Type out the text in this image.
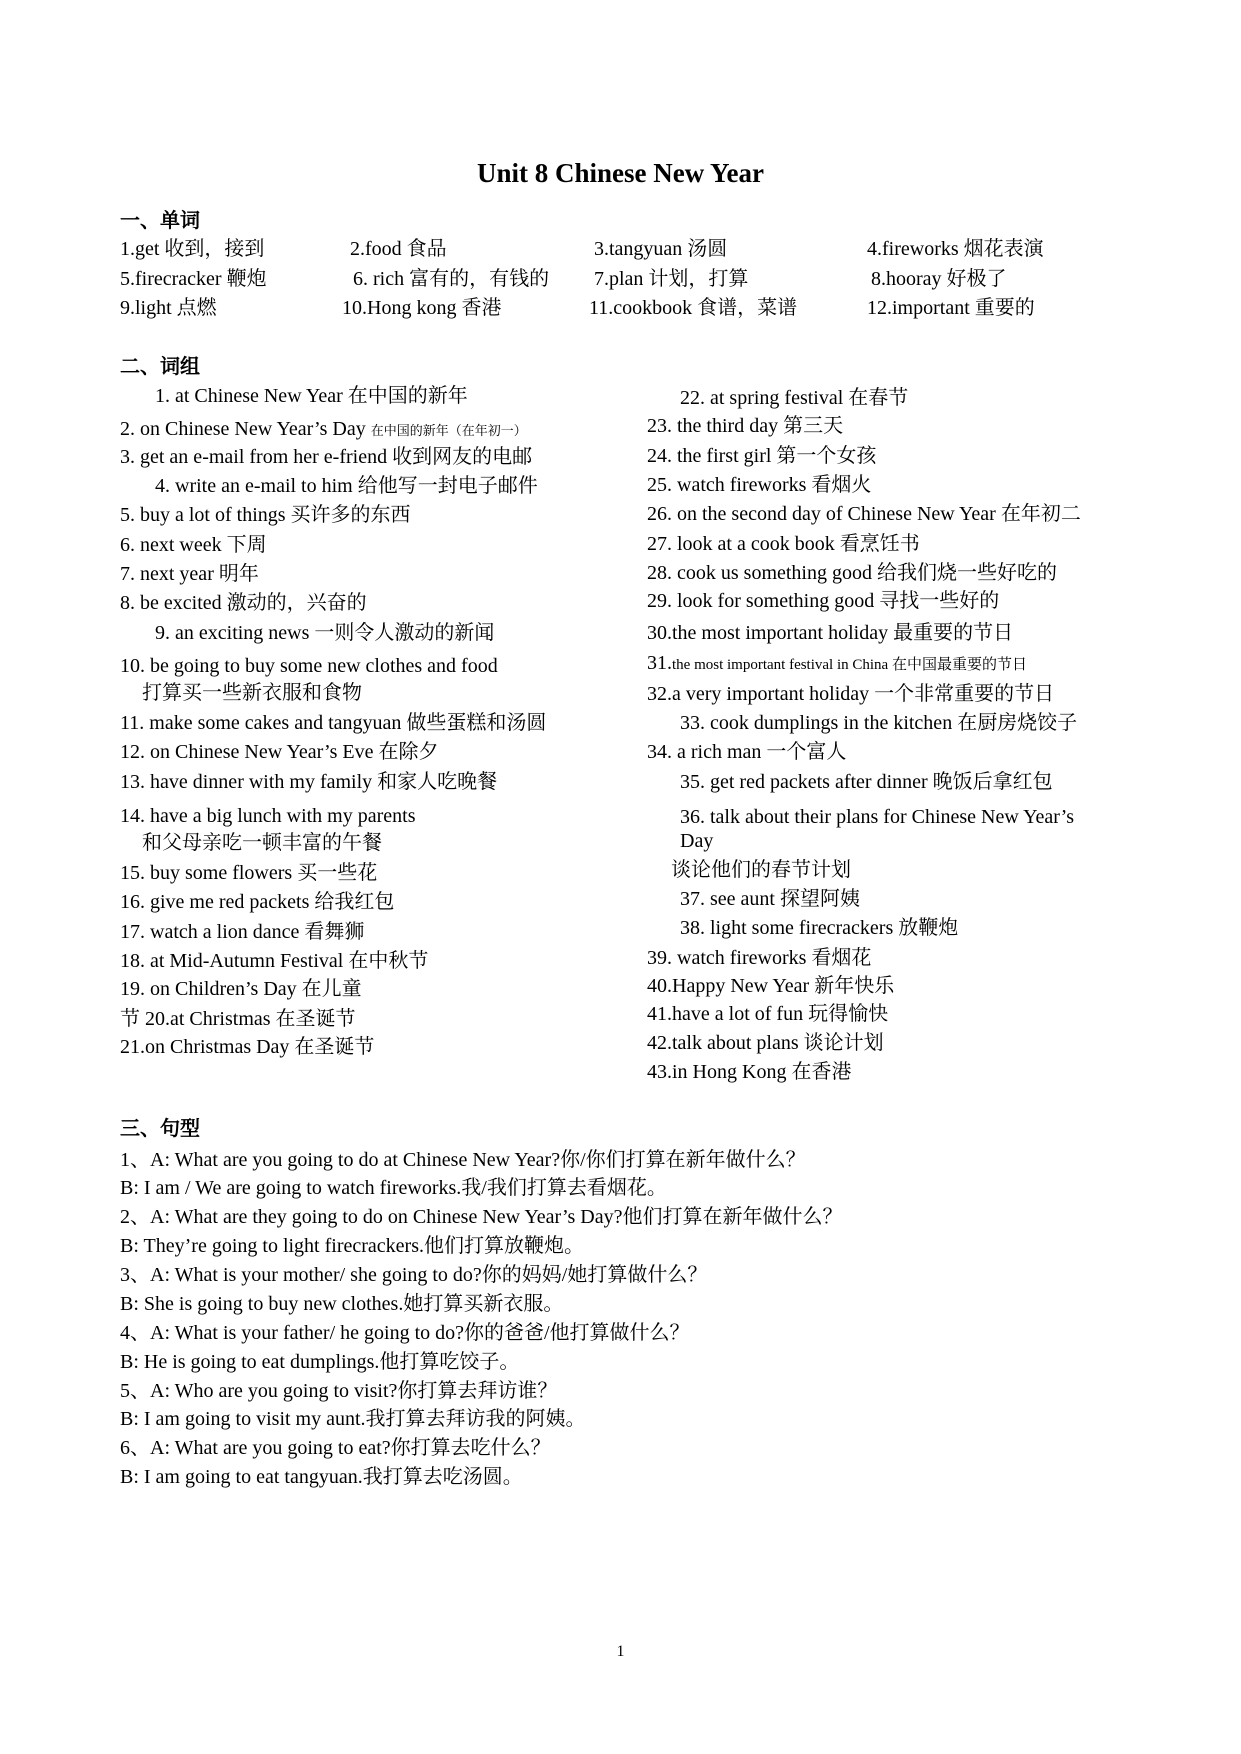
Unit 8 Chinese New Year
一、单词
二、词组
三、句型
1.get 收到，接到	2.food 食品	3.tangyuan 汤圆	4.fireworks 烟花表演
5.firecracker 鞭炮	6. rich 富有的，有钱的 7.plan 计划，打算	8.hooray 好极了
9.light 点燃	10.Hong kong 香港	11.cookbook 食谱，菜谱	12.important 重要的
1. at Chinese New Year 在中国的新年
2. on Chinese New Year’s Day 在中国的新年（在年初一）
3. get an e-mail from her e-friend 收到网友的电邮
4. write an e-mail to him 给他写一封电子邮件
5. buy a lot of things 买许多的东西
6. next week 下周
7. next year 明年
8. be excited 激动的，兴奋的
9. an exciting news 一则令人激动的新闻
10. be going to buy some new clothes and food
打算买一些新衣服和食物
11. make some cakes and tangyuan 做些蛋糕和汤圆
12. on Chinese New Year’s Eve 在除夕
13. have dinner with my family 和家人吃晚餐
14. have a big lunch with my parents
和父母亲吃一顿丰富的午餐
15. buy some flowers 买一些花
16. give me red packets 给我红包
17. watch a lion dance 看舞狮
18. at Mid-Autumn Festival 在中秋节
19. on Children’s Day 在儿童
节 20.at Christmas 在圣诞节
21.on Christmas Day 在圣诞节
22. at spring festival 在春节
23. the third day 第三天
24. the first girl 第一个女孩
25. watch fireworks 看烟火
26. on the second day of Chinese New Year 在年初二
27. look at a cook book 看烹饪书
28. cook us something good 给我们烧一些好吃的
29. look for something good 寻找一些好的
30.the most important holiday 最重要的节日
31.the most important festival in China 在中国最重要的节日
32.a very important holiday 一个非常重要的节日
33. cook dumplings in the kitchen 在厨房烧饺子
34. a rich man 一个富人
35. get red packets after dinner 晚饭后拿红包
36. talk about their plans for Chinese New Year’s
Day
谈论他们的春节计划
37. see aunt 探望阿姨
38. light some firecrackers 放鞭炮
39. watch fireworks 看烟花
40.Happy New Year 新年快乐
41.have a lot of fun 玩得愉快
42.talk about plans 谈论计划
43.in Hong Kong 在香港
1、A: What are you going to do at Chinese New Year?你/你们打算在新年做什么？
B: I am / We are going to watch fireworks.我/我们打算去看烟花。
2、A: What are they going to do on Chinese New Year’s Day?他们打算在新年做什么？
B: They’re going to light firecrackers.他们打算放鞭炮。
3、A: What is your mother/ she going to do?你的妈妈/她打算做什么？
B: She is going to buy new clothes.她打算买新衣服。
4、A: What is your father/ he going to do?你的爸爸/他打算做什么？
B: He is going to eat dumplings.他打算吃饺子。
5、A: Who are you going to visit?你打算去拜访谁？
B: I am going to visit my aunt.我打算去拜访我的阿姨。
6、A: What are you going to eat?你打算去吃什么？
B: I am going to eat tangyuan.我打算去吃汤圆。
1
